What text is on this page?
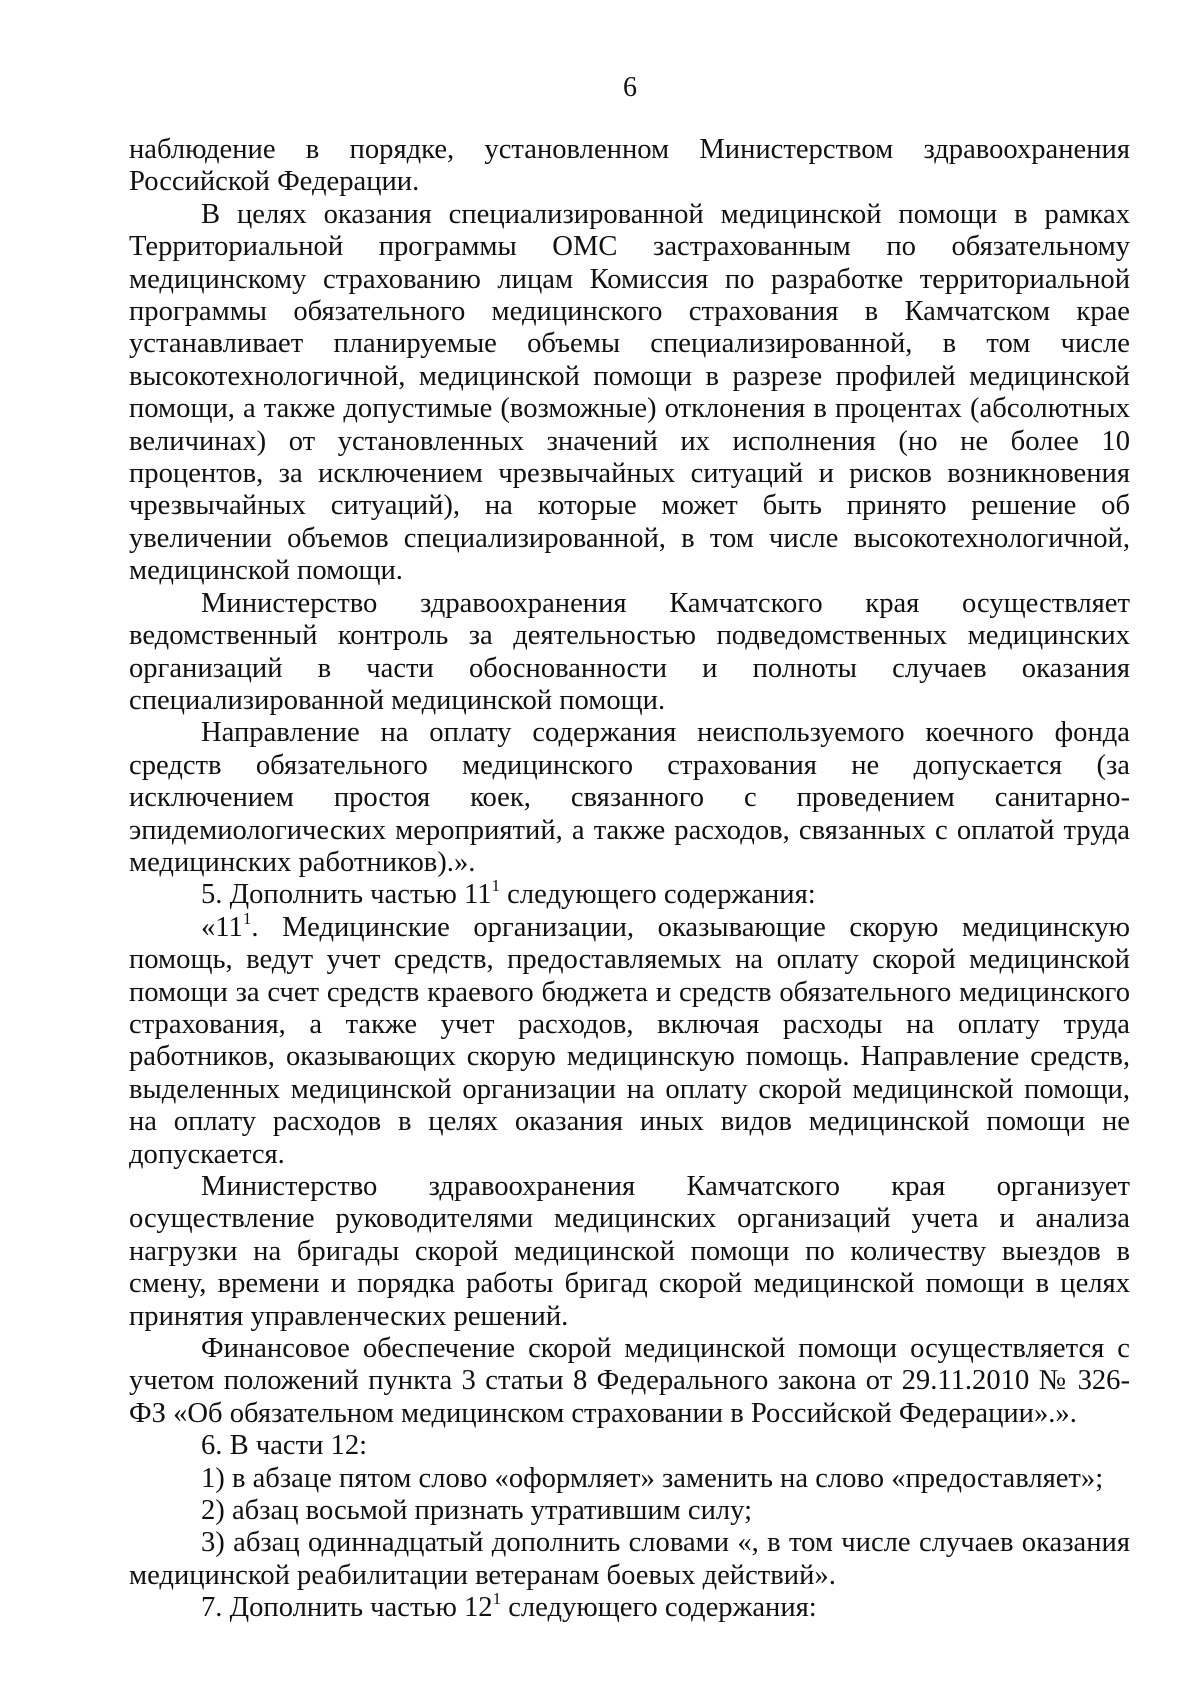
6

наблюдение в порядке, установленном Министерством здравоохранения Российской Федерации.

В целях оказания специализированной медицинской помощи в рамках Территориальной программы ОМС застрахованным по обязательному медицинскому страхованию лицам Комиссия по разработке территориальной программы обязательного медицинского страхования в Камчатском крае устанавливает планируемые объемы специализированной, в том числе высокотехнологичной, медицинской помощи в разрезе профилей медицинской помощи, а также допустимые (возможные) отклонения в процентах (абсолютных величинах) от установленных значений их исполнения (но не более 10 процентов, за исключением чрезвычайных ситуаций и рисков возникновения чрезвычайных ситуаций), на которые может быть принято решение об увеличении объемов специализированной, в том числе высокотехнологичной, медицинской помощи.

Министерство здравоохранения Камчатского края осуществляет ведомственный контроль за деятельностью подведомственных медицинских организаций в части обоснованности и полноты случаев оказания специализированной медицинской помощи.

Направление на оплату содержания неиспользуемого коечного фонда средств обязательного медицинского страхования не допускается (за исключением простоя коек, связанного с проведением санитарно-эпидемиологических мероприятий, а также расходов, связанных с оплатой труда медицинских работников).».

5. Дополнить частью $11^1$ следующего содержания:

«$11^1$. Медицинские организации, оказывающие скорую медицинскую помощь, ведут учет средств, предоставляемых на оплату скорой медицинской помощи за счет средств краевого бюджета и средств обязательного медицинского страхования, а также учет расходов, включая расходы на оплату труда работников, оказывающих скорую медицинскую помощь. Направление средств, выделенных медицинской организации на оплату скорой медицинской помощи, на оплату расходов в целях оказания иных видов медицинской помощи не допускается.

Министерство здравоохранения Камчатского края организует осуществление руководителями медицинских организаций учета и анализа нагрузки на бригады скорой медицинской помощи по количеству выездов в смену, времени и порядка работы бригад скорой медицинской помощи в целях принятия управленческих решений.

Финансовое обеспечение скорой медицинской помощи осуществляется с учетом положений пункта 3 статьи 8 Федерального закона от 29.11.2010 № 326-ФЗ «Об обязательном медицинском страховании в Российской Федерации».».

6. В части 12:

1) в абзаце пятом слово «оформляет» заменить на слово «предоставляет»;

2) абзац восьмой признать утратившим силу;

3) абзац одиннадцатый дополнить словами «, в том числе случаев оказания медицинской реабилитации ветеранам боевых действий».

7. Дополнить частью $12^1$ следующего содержания:
